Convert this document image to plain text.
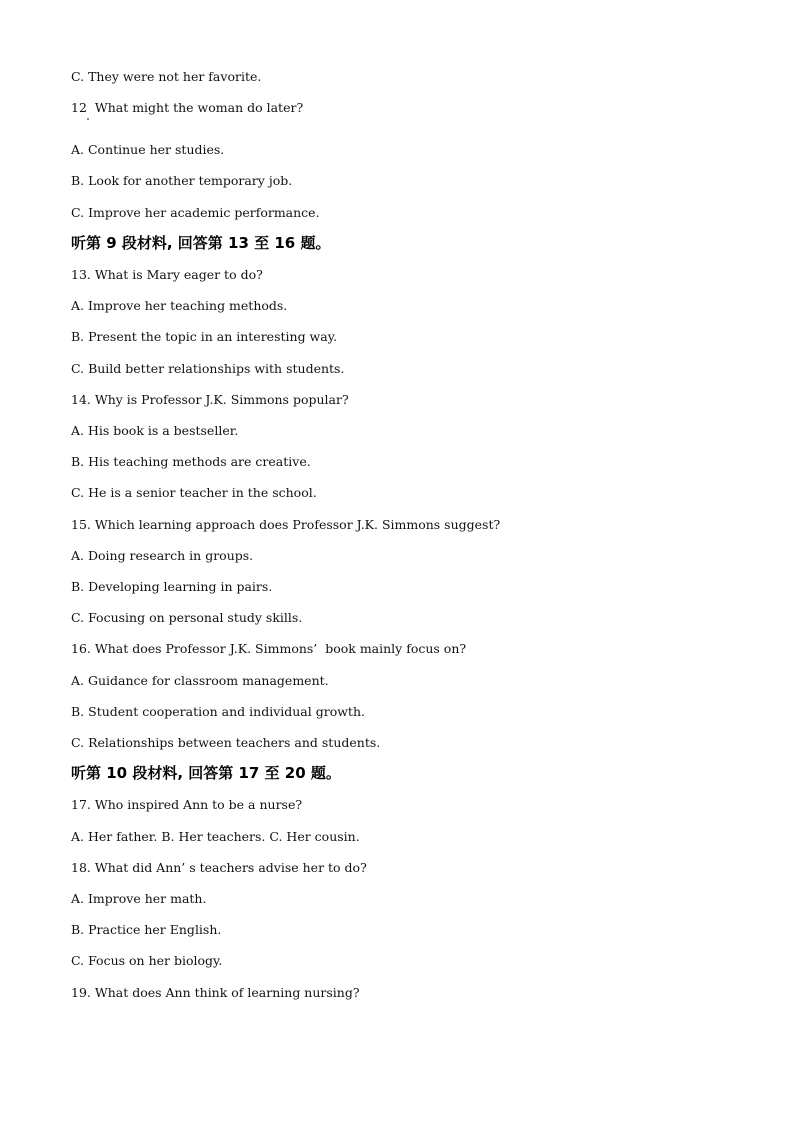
C. They were not her favorite.
12  What might the woman do later?
A. Continue her studies.
B. Look for another temporary job.
C. Improve her academic performance.
听第 9 段材料, 回答第 13 至 16 题。
13. What is Mary eager to do?
A. Improve her teaching methods.
B. Present the topic in an interesting way.
C. Build better relationships with students.
14. Why is Professor J.K. Simmons popular?
A. His book is a bestseller.
B. His teaching methods are creative.
C. He is a senior teacher in the school.
15. Which learning approach does Professor J.K. Simmons suggest?
A. Doing research in groups.
B. Developing learning in pairs.
C. Focusing on personal study skills.
16. What does Professor J.K. Simmons’  book mainly focus on?
A. Guidance for classroom management.
B. Student cooperation and individual growth.
C. Relationships between teachers and students.
听第 10 段材料, 回答第 17 至 20 题。
17. Who inspired Ann to be a nurse?
A. Her father. B. Her teachers. C. Her cousin.
18. What did Ann’ s teachers advise her to do?
A. Improve her math.
B. Practice her English.
C. Focus on her biology.
19. What does Ann think of learning nursing?
